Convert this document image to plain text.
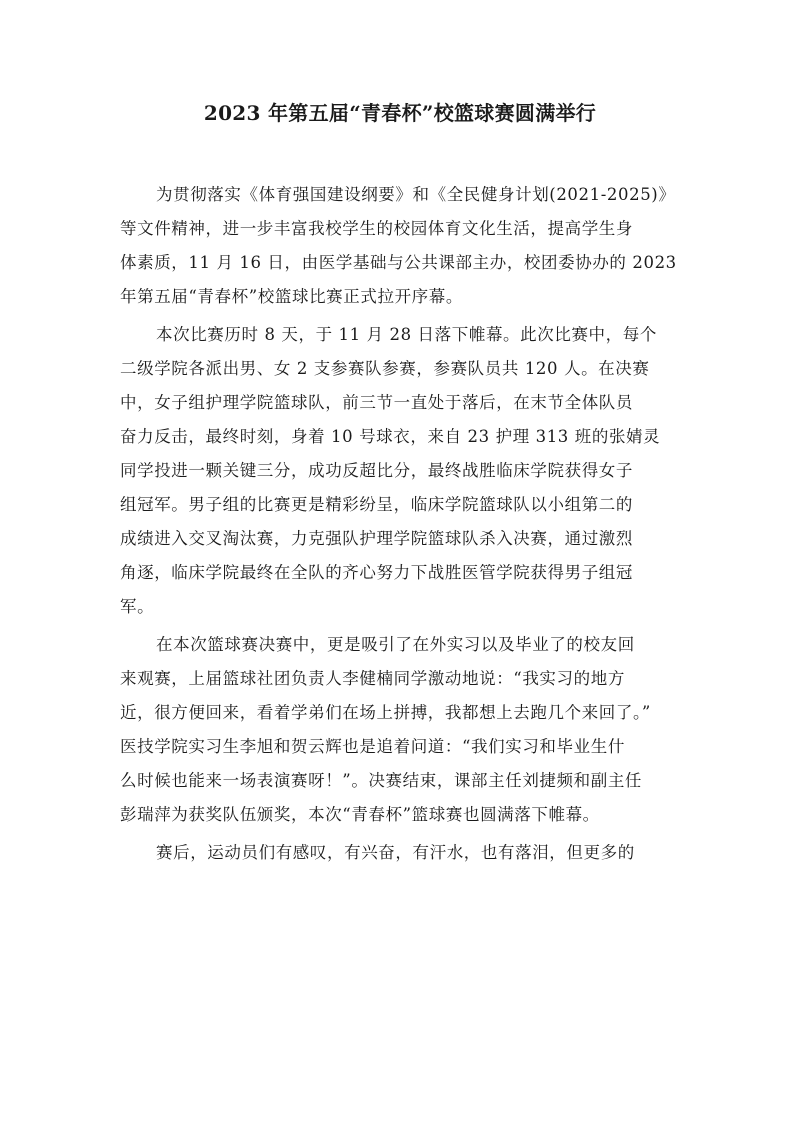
2023 年第五届“青春杯”校篮球赛圆满举行

为贯彻落实《体育强国建设纲要》和《全民健身计划(2021-2025)》
等文件精神，进一步丰富我校学生的校园体育文化生活，提高学生身
体素质，11 月 16 日，由医学基础与公共课部主办，校团委协办的 2023
年第五届“青春杯”校篮球比赛正式拉开序幕。

本次比赛历时 8 天，于 11 月 28 日落下帷幕。此次比赛中，每个
二级学院各派出男、女 2 支参赛队参赛，参赛队员共 120 人。在决赛
中，女子组护理学院篮球队，前三节一直处于落后，在末节全体队员
奋力反击，最终时刻，身着 10 号球衣，来自 23 护理 313 班的张婧灵
同学投进一颗关键三分，成功反超比分，最终战胜临床学院获得女子
组冠军。男子组的比赛更是精彩纷呈，临床学院篮球队以小组第二的
成绩进入交叉淘汰赛，力克强队护理学院篮球队杀入决赛，通过激烈
角逐，临床学院最终在全队的齐心努力下战胜医管学院获得男子组冠
军。

在本次篮球赛决赛中，更是吸引了在外实习以及毕业了的校友回
来观赛，上届篮球社团负责人李健楠同学激动地说：“我实习的地方
近，很方便回来，看着学弟们在场上拼搏，我都想上去跑几个来回了。”
医技学院实习生李旭和贺云辉也是追着问道：“我们实习和毕业生什
么时候也能来一场表演赛呀！”。决赛结束，课部主任刘捷频和副主任
彭瑞萍为获奖队伍颁奖，本次“青春杯”篮球赛也圆满落下帷幕。

赛后，运动员们有感叹，有兴奋，有汗水，也有落泪，但更多的
